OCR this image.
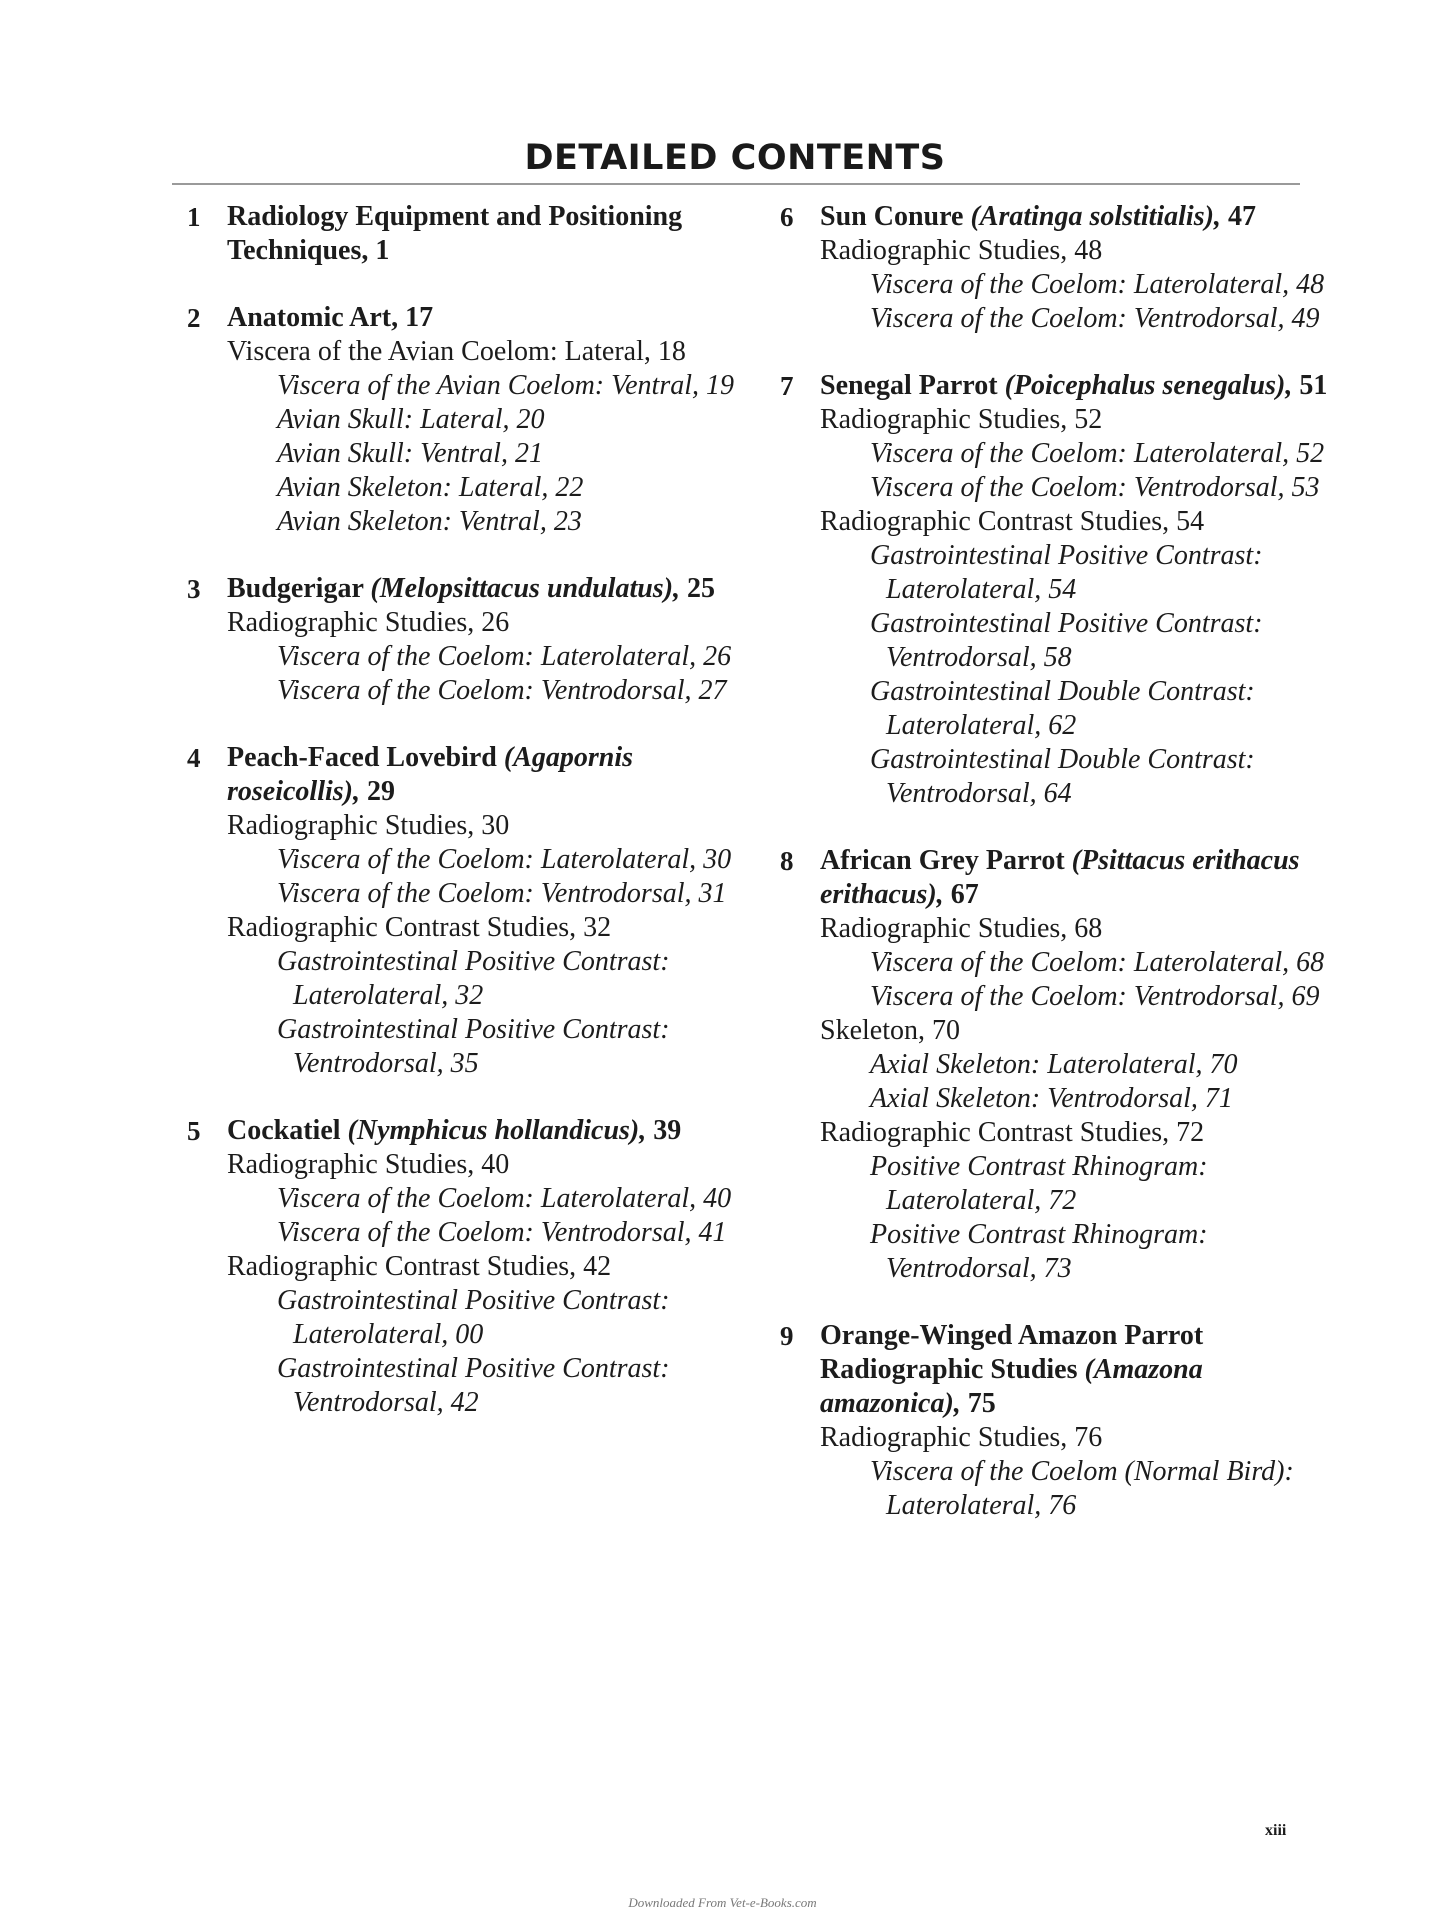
DETAILED CONTENTS
1 Radiology Equipment and Positioning Techniques, 1
2 Anatomic Art, 17
Viscera of the Avian Coelom: Lateral, 18
Viscera of the Avian Coelom: Ventral, 19
Avian Skull: Lateral, 20
Avian Skull: Ventral, 21
Avian Skeleton: Lateral, 22
Avian Skeleton: Ventral, 23
3 Budgerigar (Melopsittacus undulatus), 25
Radiographic Studies, 26
Viscera of the Coelom: Laterolateral, 26
Viscera of the Coelom: Ventrodorsal, 27
4 Peach-Faced Lovebird (Agapornis roseicollis), 29
Radiographic Studies, 30
Viscera of the Coelom: Laterolateral, 30
Viscera of the Coelom: Ventrodorsal, 31
Radiographic Contrast Studies, 32
Gastrointestinal Positive Contrast: Laterolateral, 32
Gastrointestinal Positive Contrast: Ventrodorsal, 35
5 Cockatiel (Nymphicus hollandicus), 39
Radiographic Studies, 40
Viscera of the Coelom: Laterolateral, 40
Viscera of the Coelom: Ventrodorsal, 41
Radiographic Contrast Studies, 42
Gastrointestinal Positive Contrast: Laterolateral, 00
Gastrointestinal Positive Contrast: Ventrodorsal, 42
6 Sun Conure (Aratinga solstitialis), 47
Radiographic Studies, 48
Viscera of the Coelom: Laterolateral, 48
Viscera of the Coelom: Ventrodorsal, 49
7 Senegal Parrot (Poicephalus senegalus), 51
Radiographic Studies, 52
Viscera of the Coelom: Laterolateral, 52
Viscera of the Coelom: Ventrodorsal, 53
Radiographic Contrast Studies, 54
Gastrointestinal Positive Contrast: Laterolateral, 54
Gastrointestinal Positive Contrast: Ventrodorsal, 58
Gastrointestinal Double Contrast: Laterolateral, 62
Gastrointestinal Double Contrast: Ventrodorsal, 64
8 African Grey Parrot (Psittacus erithacus erithacus), 67
Radiographic Studies, 68
Viscera of the Coelom: Laterolateral, 68
Viscera of the Coelom: Ventrodorsal, 69
Skeleton, 70
Axial Skeleton: Laterolateral, 70
Axial Skeleton: Ventrodorsal, 71
Radiographic Contrast Studies, 72
Positive Contrast Rhinogram: Laterolateral, 72
Positive Contrast Rhinogram: Ventrodorsal, 73
9 Orange-Winged Amazon Parrot Radiographic Studies (Amazona amazonica), 75
Radiographic Studies, 76
Viscera of the Coelom (Normal Bird): Laterolateral, 76
xiii
Downloaded From Vet-e-Books.com
